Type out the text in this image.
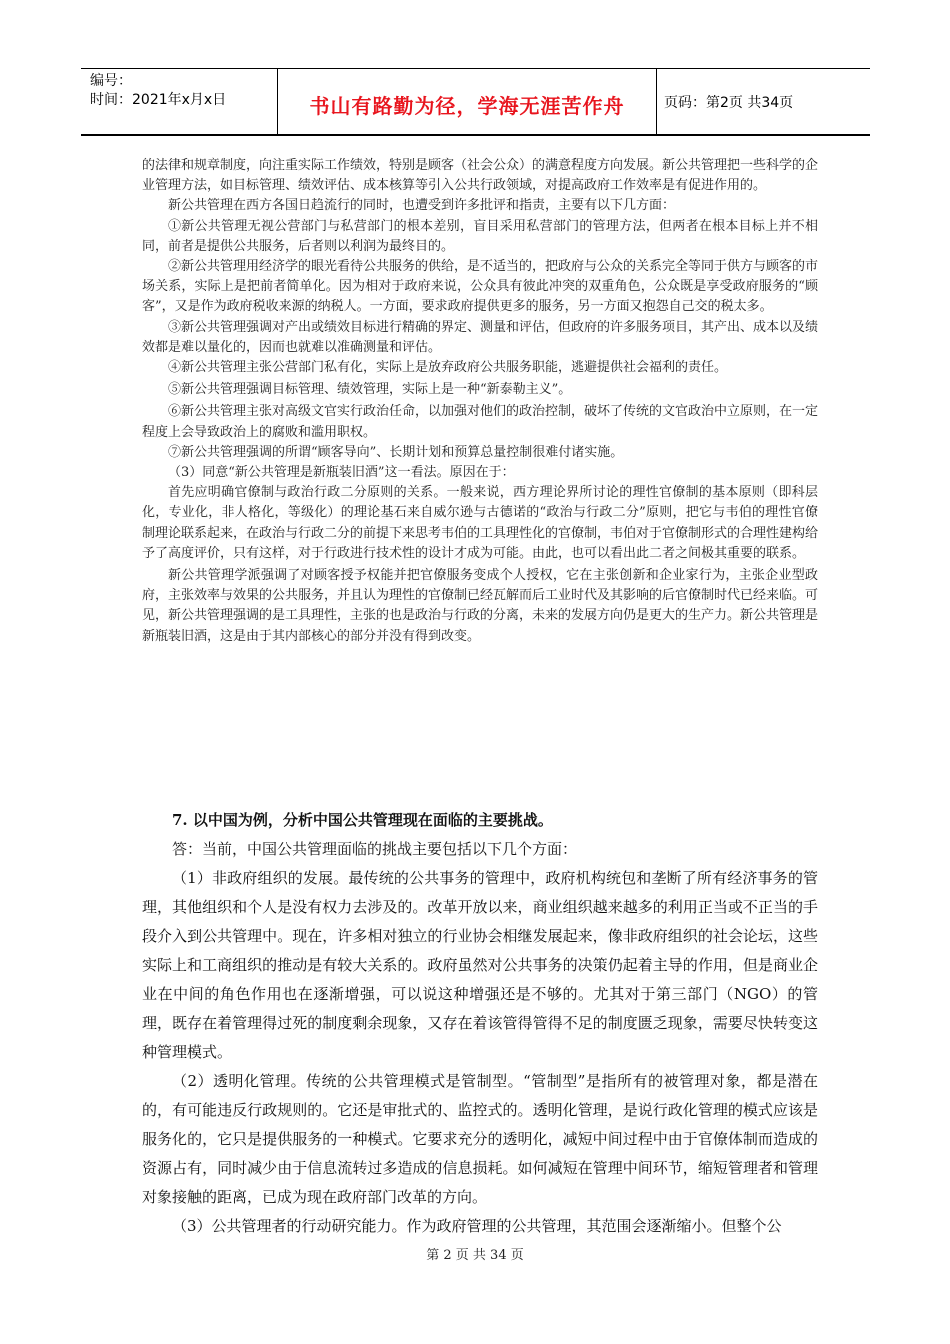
编号：
时间：2021年x月x日	书山有路勤为径，学海无涯苦作舟	页码：第2页 共34页

的法律和规章制度，向注重实际工作绩效，特别是顾客（社会公众）的满意程度方向发展。新公共管理把一些科学的企业管理方法，如目标管理、绩效评估、成本核算等引入公共行政领域，对提高政府工作效率是有促进作用的。

新公共管理在西方各国日趋流行的同时，也遭受到许多批评和指责，主要有以下几方面：

①新公共管理无视公营部门与私营部门的根本差别，盲目采用私营部门的管理方法，但两者在根本目标上并不相同，前者是提供公共服务，后者则以利润为最终目的。

②新公共管理用经济学的眼光看待公共服务的供给，是不适当的，把政府与公众的关系完全等同于供方与顾客的市场关系，实际上是把前者简单化。因为相对于政府来说，公众具有彼此冲突的双重角色，公众既是享受政府服务的“顾客”，又是作为政府税收来源的纳税人。一方面，要求政府提供更多的服务，另一方面又抱怨自己交的税太多。

③新公共管理强调对产出或绩效目标进行精确的界定、测量和评估，但政府的许多服务项目，其产出、成本以及绩效都是难以量化的，因而也就难以准确测量和评估。

④新公共管理主张公营部门私有化，实际上是放弃政府公共服务职能，逃避提供社会福利的责任。

⑤新公共管理强调目标管理、绩效管理，实际上是一种“新泰勒主义”。

⑥新公共管理主张对高级文官实行政治任命，以加强对他们的政治控制，破坏了传统的文官政治中立原则，在一定程度上会导致政治上的腐败和滥用职权。

⑦新公共管理强调的所谓“顾客导向”、长期计划和预算总量控制很难付诸实施。

（3）同意“新公共管理是新瓶装旧酒”这一看法。原因在于：

首先应明确官僚制与政治行政二分原则的关系。一般来说，西方理论界所讨论的理性官僚制的基本原则（即科层化，专业化，非人格化，等级化）的理论基石来自威尔逊与古德诺的“政治与行政二分”原则，把它与韦伯的理性官僚制理论联系起来，在政治与行政二分的前提下来思考韦伯的工具理性化的官僚制，韦伯对于官僚制形式的合理性建构给予了高度评价，只有这样，对于行政进行技术性的设计才成为可能。由此，也可以看出此二者之间极其重要的联系。

新公共管理学派强调了对顾客授予权能并把官僚服务变成个人授权，它在主张创新和企业家行为，主张企业型政府，主张效率与效果的公共服务，并且认为理性的官僚制已经瓦解而后工业时代及其影响的后官僚制时代已经来临。可见，新公共管理强调的是工具理性，主张的也是政治与行政的分离，未来的发展方向仍是更大的生产力。新公共管理是新瓶装旧酒，这是由于其内部核心的部分并没有得到改变。

7. 以中国为例，分析中国公共管理现在面临的主要挑战。

答：当前，中国公共管理面临的挑战主要包括以下几个方面：

（1）非政府组织的发展。最传统的公共事务的管理中，政府机构统包和垄断了所有经济事务的管理，其他组织和个人是没有权力去涉及的。改革开放以来，商业组织越来越多的利用正当或不正当的手段介入到公共管理中。现在，许多相对独立的行业协会相继发展起来，像非政府组织的社会论坛，这些实际上和工商组织的推动是有较大关系的。政府虽然对公共事务的决策仍起着主导的作用，但是商业企业在中间的角色作用也在逐渐增强，可以说这种增强还是不够的。尤其对于第三部门（NGO）的管理，既存在着管理得过死的制度剩余现象，又存在着该管得管得不足的制度匮乏现象，需要尽快转变这种管理模式。

（2）透明化管理。传统的公共管理模式是管制型。“管制型”是指所有的被管理对象，都是潜在的，有可能违反行政规则的。它还是审批式的、监控式的。透明化管理，是说行政化管理的模式应该是服务化的，它只是提供服务的一种模式。它要求充分的透明化，减短中间过程中由于官僚体制而造成的资源占有，同时减少由于信息流转过多造成的信息损耗。如何减短在管理中间环节，缩短管理者和管理对象接触的距离，已成为现在政府部门改革的方向。

（3）公共管理者的行动研究能力。作为政府管理的公共管理，其范围会逐渐缩小。但整个公

第 2 页 共 34 页
